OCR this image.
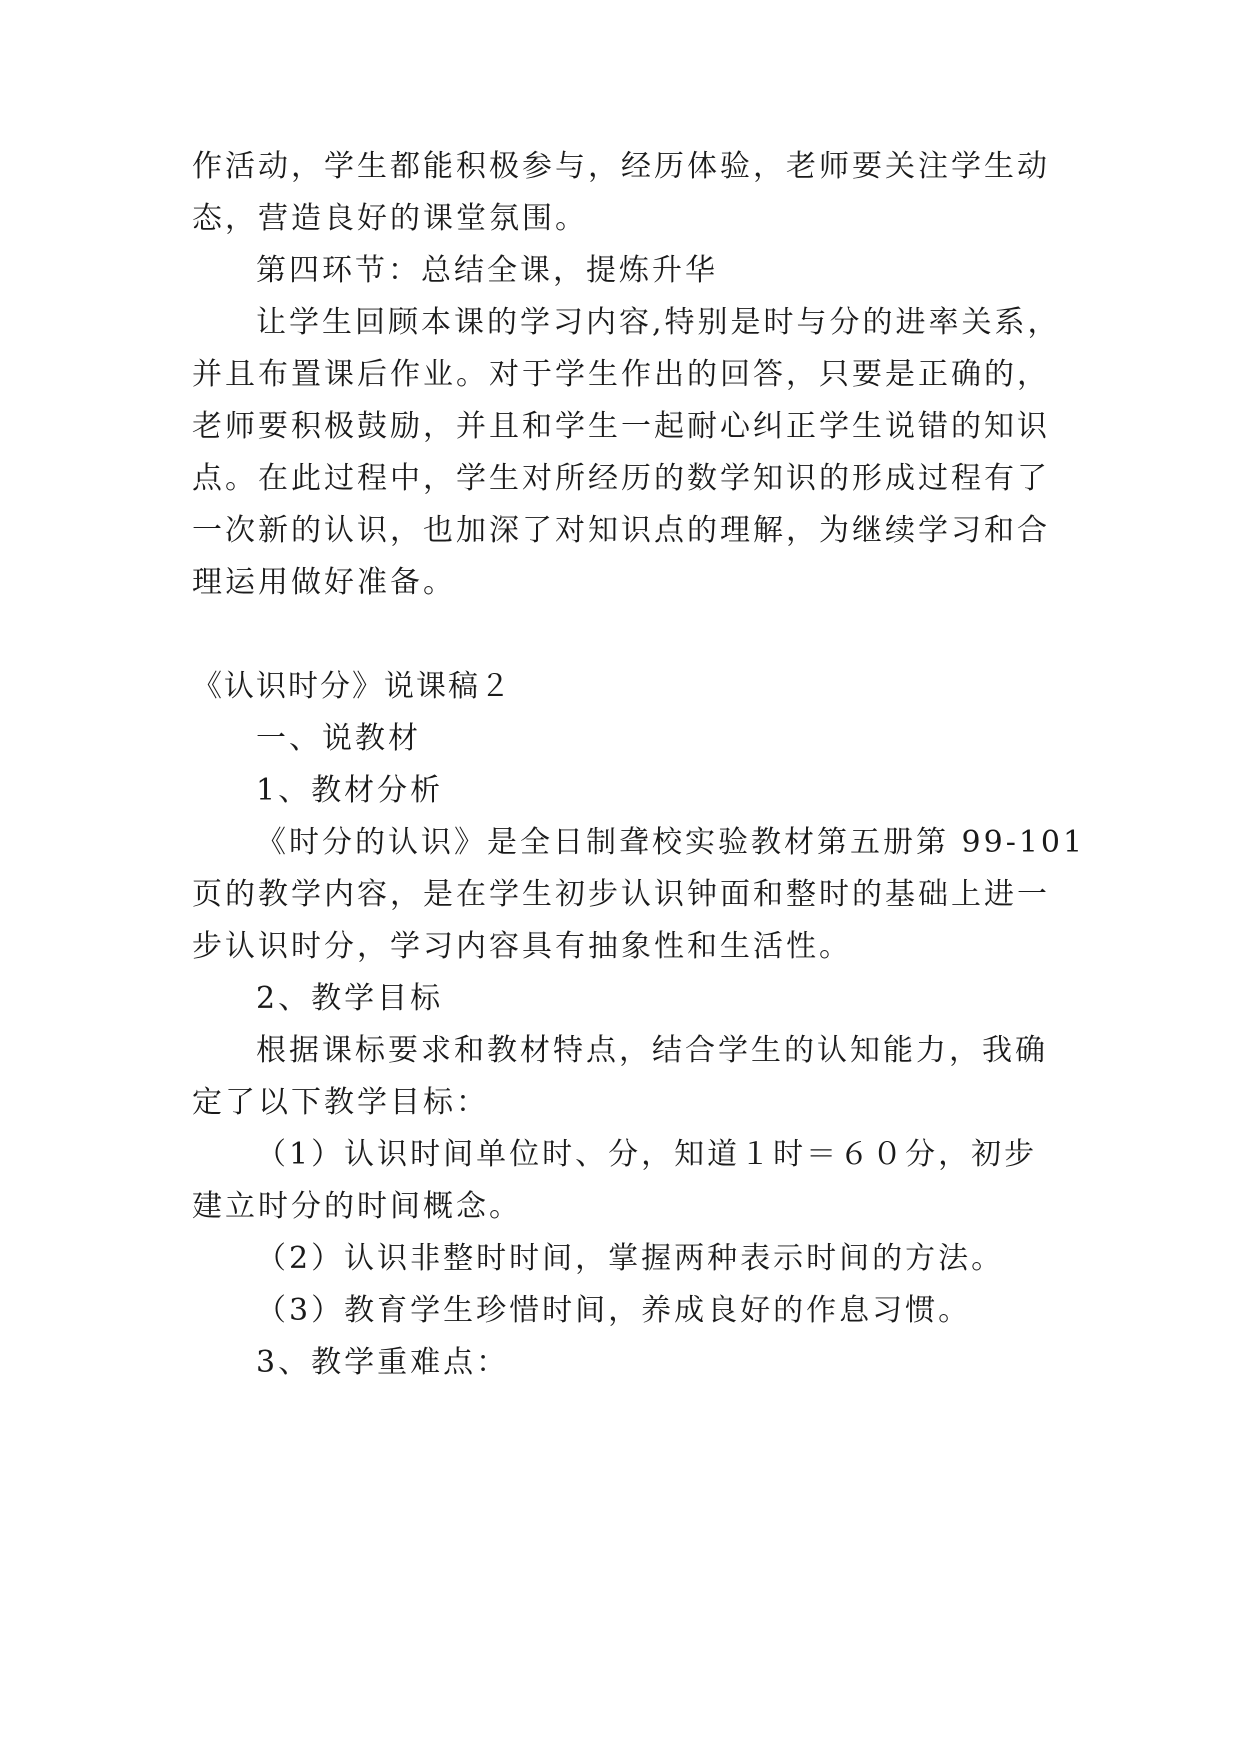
作活动，学生都能积极参与，经历体验，老师要关注学生动
态，营造良好的课堂氛围。
第四环节：总结全课，提炼升华
让学生回顾本课的学习内容,特别是时与分的进率关系，
并且布置课后作业。对于学生作出的回答，只要是正确的，
老师要积极鼓励，并且和学生一起耐心纠正学生说错的知识
点。在此过程中，学生对所经历的数学知识的形成过程有了
一次新的认识，也加深了对知识点的理解，为继续学习和合
理运用做好准备。
《认识时分》说课稿２
一、说教材
1、教材分析
《时分的认识》是全日制聋校实验教材第五册第 99-101
页的教学内容，是在学生初步认识钟面和整时的基础上进一
步认识时分，学习内容具有抽象性和生活性。
2、教学目标
根据课标要求和教材特点，结合学生的认知能力，我确
定了以下教学目标：
（1）认识时间单位时、分，知道１时＝６０分，初步
建立时分的时间概念。
（2）认识非整时时间，掌握两种表示时间的方法。
（3）教育学生珍惜时间，养成良好的作息习惯。
3、教学重难点：
